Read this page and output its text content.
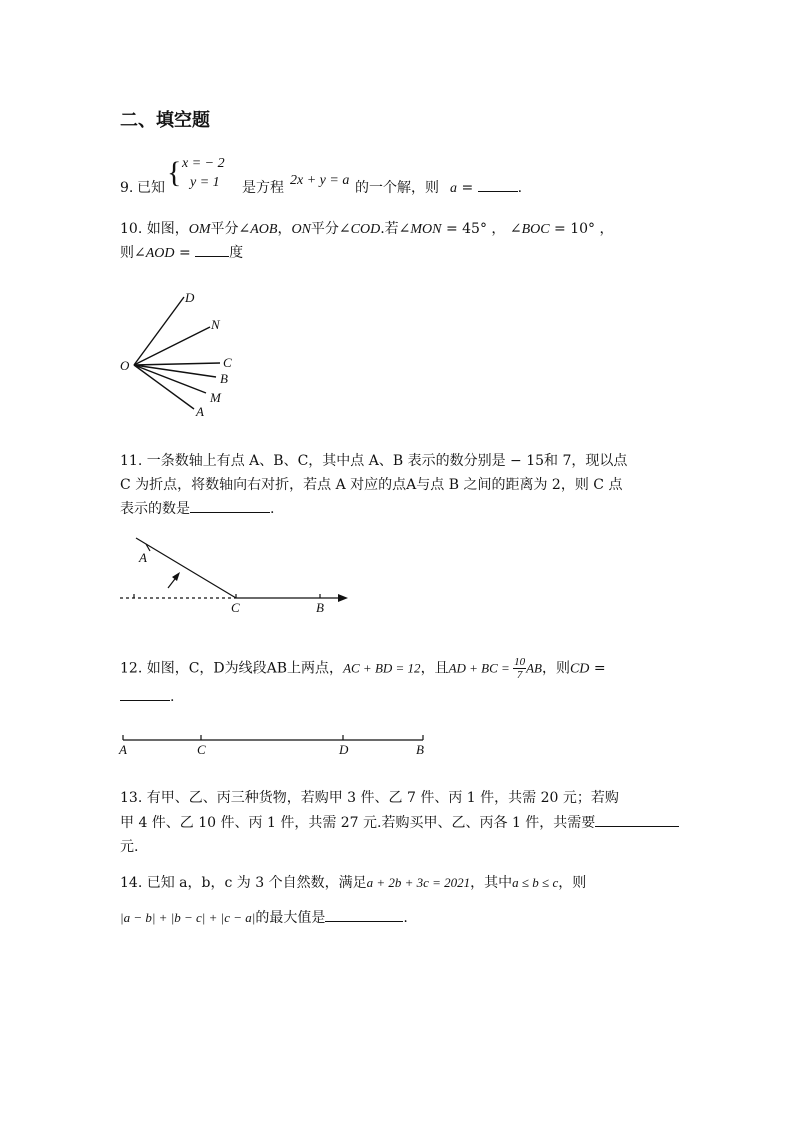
二、填空题
9. 已知 { x = − 2
y = 1 是方程 2x + y = a 的一个解，则 a =	.
10. 如图，OM平分∠AOB，ON平分∠COD.若∠MON = 45° ， ∠BOC = 10° ，
则∠AOD = 度
D
N
O	C
B
M
A
11. 一条数轴上有点 A、B、C，其中点 A、B 表示的数分别是 − 15和 7，现以点
C 为折点，将数轴向右对折，若点 A 对应的点A与点 B 之间的距离为 2，则 C 点
表示的数是	.
A
C	B
12. 如图，C，D为线段AB上两点，AC + BD = 12，且AD + BC = $\frac{10}{7}$ AB，则CD =
.
A	C	D	B
13. 有甲、乙、丙三种货物，若购甲 3 件、乙 7 件、丙 1 件，共需 20 元；若购
甲 4 件、乙 10 件、丙 1 件，共需 27 元.若购买甲、乙、丙各 1 件，共需要
元.
14. 已知 a，b，c 为 3 个自然数，满足a + 2b + 3c = 2021，其中a ≤ b ≤ c，则
|a − b| + |b − c| + |c − a|的最大值是	.
